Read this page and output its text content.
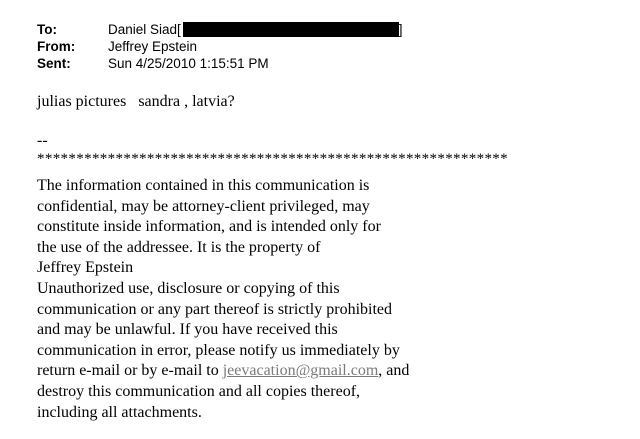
To:	Daniel Siad[	]
From:	Jeffrey Epstein
Sent:	Sun 4/25/2010 1:15:51 PM
julias pictures   sandra , latvia?
--
************************************************************
The information contained in this communication is
confidential, may be attorney-client privileged, may
constitute inside information, and is intended only for
the use of the addressee. It is the property of
Jeffrey Epstein
Unauthorized use, disclosure or copying of this
communication or any part thereof is strictly prohibited
and may be unlawful. If you have received this
communication in error, please notify us immediately by
return e-mail or by e-mail to jeevacation@gmail.com, and
destroy this communication and all copies thereof,
including all attachments.
